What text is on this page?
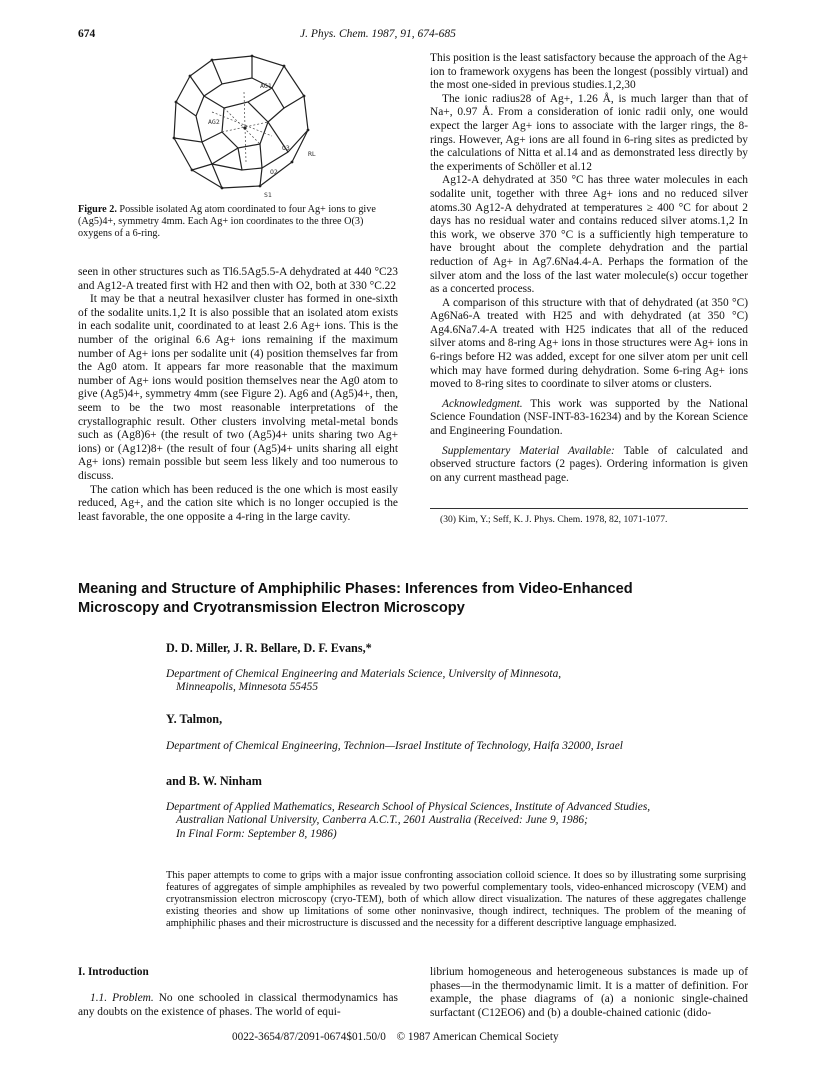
674	J. Phys. Chem. 1987, 91, 674-685
AG1
AG2
O3
RL
O2
S1
Figure 2. Possible isolated Ag atom coordinated to four Ag+ ions to give (Ag5)4+, symmetry 4mm. Each Ag+ ion coordinates to the three O(3) oxygens of a 6-ring.

seen in other structures such as Tl6.5Ag5.5-A dehydrated at 440 °C23 and Ag12-A treated first with H2 and then with O2, both at 330 °C.22

It may be that a neutral hexasilver cluster has formed in one-sixth of the sodalite units.1,2 It is also possible that an isolated atom exists in each sodalite unit, coordinated to at least 2.6 Ag+ ions. This is the number of the original 6.6 Ag+ ions remaining if the maximum number of Ag+ ions per sodalite unit (4) position themselves far from the Ag0 atom. It appears far more reasonable that the maximum number of Ag+ ions would position themselves near the Ag0 atom to give (Ag5)4+, symmetry 4mm (see Figure 2). Ag6 and (Ag5)4+, then, seem to be the two most reasonable interpretations of the crystallographic result. Other clusters involving metal-metal bonds such as (Ag8)6+ (the result of two (Ag5)4+ units sharing two Ag+ ions) or (Ag12)8+ (the result of four (Ag5)4+ units sharing all eight Ag+ ions) remain possible but seem less likely and too numerous to discuss.

The cation which has been reduced is the one which is most easily reduced, Ag+, and the cation site which is no longer occupied is the least favorable, the one opposite a 4-ring in the large cavity.

This position is the least satisfactory because the approach of the Ag+ ion to framework oxygens has been the longest (possibly virtual) and the most one-sided in previous studies.1,2,30

The ionic radius28 of Ag+, 1.26 Å, is much larger than that of Na+, 0.97 Å. From a consideration of ionic radii only, one would expect the larger Ag+ ions to associate with the larger rings, the 8-rings. However, Ag+ ions are all found in 6-ring sites as predicted by the calculations of Nitta et al.14 and as demonstrated less directly by the experiments of Schöller et al.12

Ag12-A dehydrated at 350 °C has three water molecules in each sodalite unit, together with three Ag+ ions and no reduced silver atoms.30 Ag12-A dehydrated at temperatures ≥ 400 °C for about 2 days has no residual water and contains reduced silver atoms.1,2 In this work, we observe 370 °C is a sufficiently high temperature to have brought about the complete dehydration and the partial reduction of Ag+ in Ag7.6Na4.4-A. Perhaps the formation of the silver atom and the loss of the last water molecule(s) occur together as a concerted process.

A comparison of this structure with that of dehydrated (at 350 °C) Ag6Na6-A treated with H25 and with dehydrated (at 350 °C) Ag4.6Na7.4-A treated with H25 indicates that all of the reduced silver atoms and 8-ring Ag+ ions in those structures were Ag+ ions in 6-rings before H2 was added, except for one silver atom per unit cell which may have formed during dehydration. Some 6-ring Ag+ ions moved to 8-ring sites to coordinate to silver atoms or clusters.

Acknowledgment. This work was supported by the National Science Foundation (NSF-INT-83-16234) and by the Korean Science and Engineering Foundation.

Supplementary Material Available: Table of calculated and observed structure factors (2 pages). Ordering information is given on any current masthead page.

(30) Kim, Y.; Seff, K. J. Phys. Chem. 1978, 82, 1071-1077.
Meaning and Structure of Amphiphilic Phases: Inferences from Video-Enhanced
Microscopy and Cryotransmission Electron Microscopy
D. D. Miller, J. R. Bellare, D. F. Evans,*
Department of Chemical Engineering and Materials Science, University of Minnesota,
Minneapolis, Minnesota 55455
Y. Talmon,
Department of Chemical Engineering, Technion—Israel Institute of Technology, Haifa 32000, Israel
and B. W. Ninham
Department of Applied Mathematics, Research School of Physical Sciences, Institute of Advanced Studies,
Australian National University, Canberra A.C.T., 2601 Australia (Received: June 9, 1986;
In Final Form: September 8, 1986)
This paper attempts to come to grips with a major issue confronting association colloid science. It does so by illustrating some surprising features of aggregates of simple amphiphiles as revealed by two powerful complementary tools, video-enhanced microscopy (VEM) and cryotransmission electron microscopy (cryo-TEM), both of which allow direct visualization. The natures of these aggregates challenge existing theories and show up limitations of some other noninvasive, though indirect, techniques. The problem of the meaning of amphiphilic phases and their microstructure is discussed and the necessity for a different descriptive language emphasized.
I. Introduction

1.1. Problem. No one schooled in classical thermodynamics has any doubts on the existence of phases. The world of equi-

librium homogeneous and heterogeneous substances is made up of phases—in the thermodynamic limit. It is a matter of definition. For example, the phase diagrams of (a) a nonionic single-chained surfactant (C12EO6) and (b) a double-chained cationic (dido-

0022-3654/87/2091-0674$01.50/0 © 1987 American Chemical Society
